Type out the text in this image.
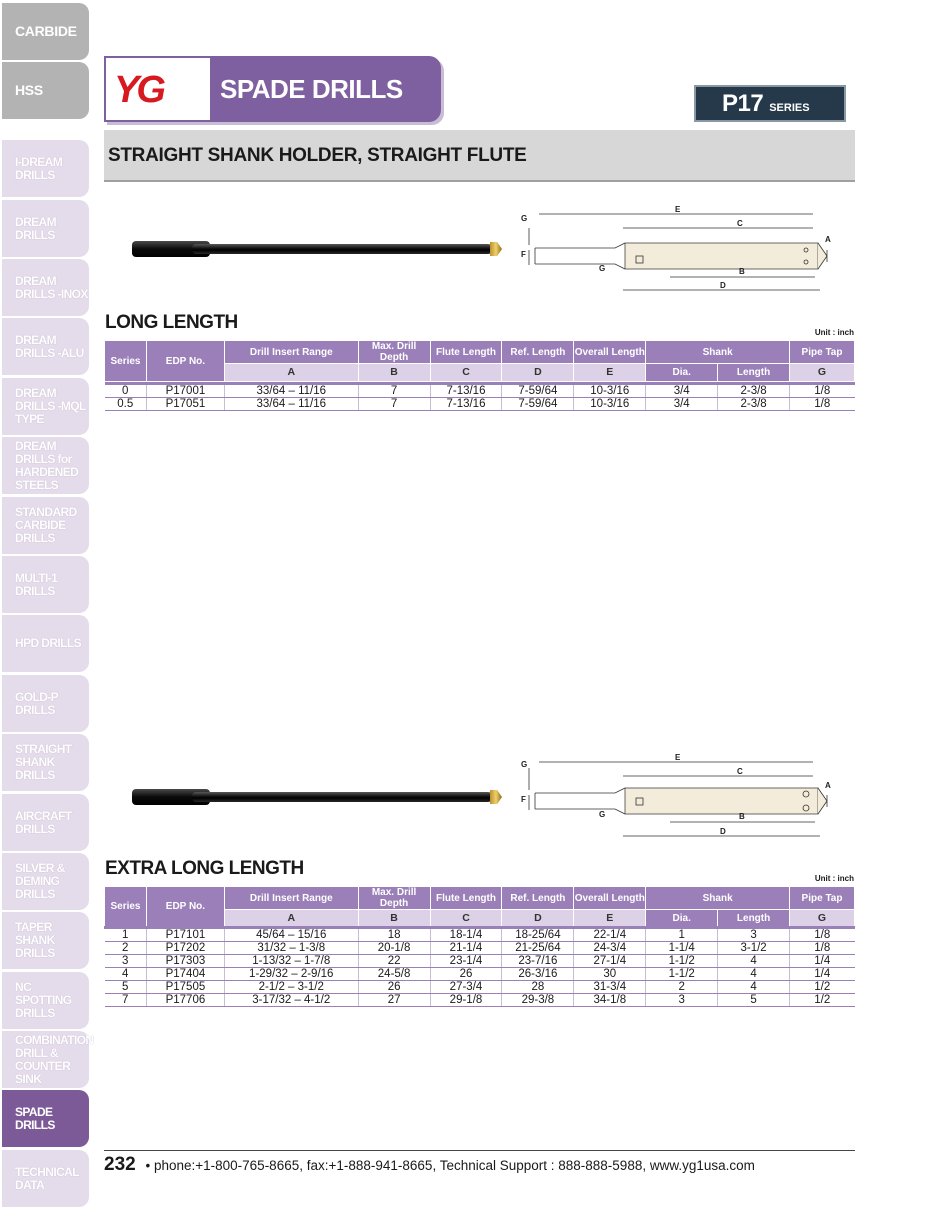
CARBIDE
HSS
I-DREAM DRILLS
DREAM DRILLS
DREAM DRILLS -INOX
DREAM DRILLS -ALU
DREAM DRILLS -MQL TYPE
DREAM DRILLS for HARDENED STEELS
STANDARD CARBIDE DRILLS
MULTI-1 DRILLS
HPD DRILLS
GOLD-P DRILLS
STRAIGHT SHANK DRILLS
AIRCRAFT DRILLS
SILVER & DEMING DRILLS
TAPER SHANK DRILLS
NC SPOTTING DRILLS
COMBINATION DRILL & COUNTER SINK
SPADE DRILLS
TECHNICAL DATA
YG SPADE DRILLS	P17 SERIES
STRAIGHT SHANK HOLDER, STRAIGHT FLUTE
E
C
B
D
A
F
G
G
LONG LENGTH	Unit : inch
Series	EDP No.	Drill Insert Range	Max. Drill Depth	Flute Length	Ref. Length	Overall Length	Shank		Pipe Tap
		A	B	C	D	E	Dia.	Length	G

0	P17001	33/64 – 11/16	7	7-13/16	7-59/64	10-3/16	3/4	2-3/8	1/8
0.5	P17051	33/64 – 11/16	7	7-13/16	7-59/64	10-3/16	3/4	2-3/8	1/8
E
C
B
D
A
F
G
G
EXTRA LONG LENGTH	Unit : inch
Series	EDP No.	Drill Insert Range	Max. Drill Depth	Flute Length	Ref. Length	Overall Length	Shank		Pipe Tap
		A	B	C	D	E	Dia.	Length	G
1	P17101	45/64 – 15/16	18	18-1/4	18-25/64	22-1/4	1	3	1/8
2	P17202	31/32 – 1-3/8	20-1/8	21-1/4	21-25/64	24-3/4	1-1/4	3-1/2	1/8
3	P17303	1-13/32 – 1-7/8	22	23-1/4	23-7/16	27-1/4	1-1/2	4	1/4
4	P17404	1-29/32 – 2-9/16	24-5/8	26	26-3/16	30	1-1/2	4	1/4
5	P17505	2-1/2 – 3-1/2	26	27-3/4	28	31-3/4	2	4	1/2
7	P17706	3-17/32 – 4-1/2	27	29-1/8	29-3/8	34-1/8	3	5	1/2
232 • phone:+1-800-765-8665, fax:+1-888-941-8665, Technical Support : 888-888-5988, www.yg1usa.com
